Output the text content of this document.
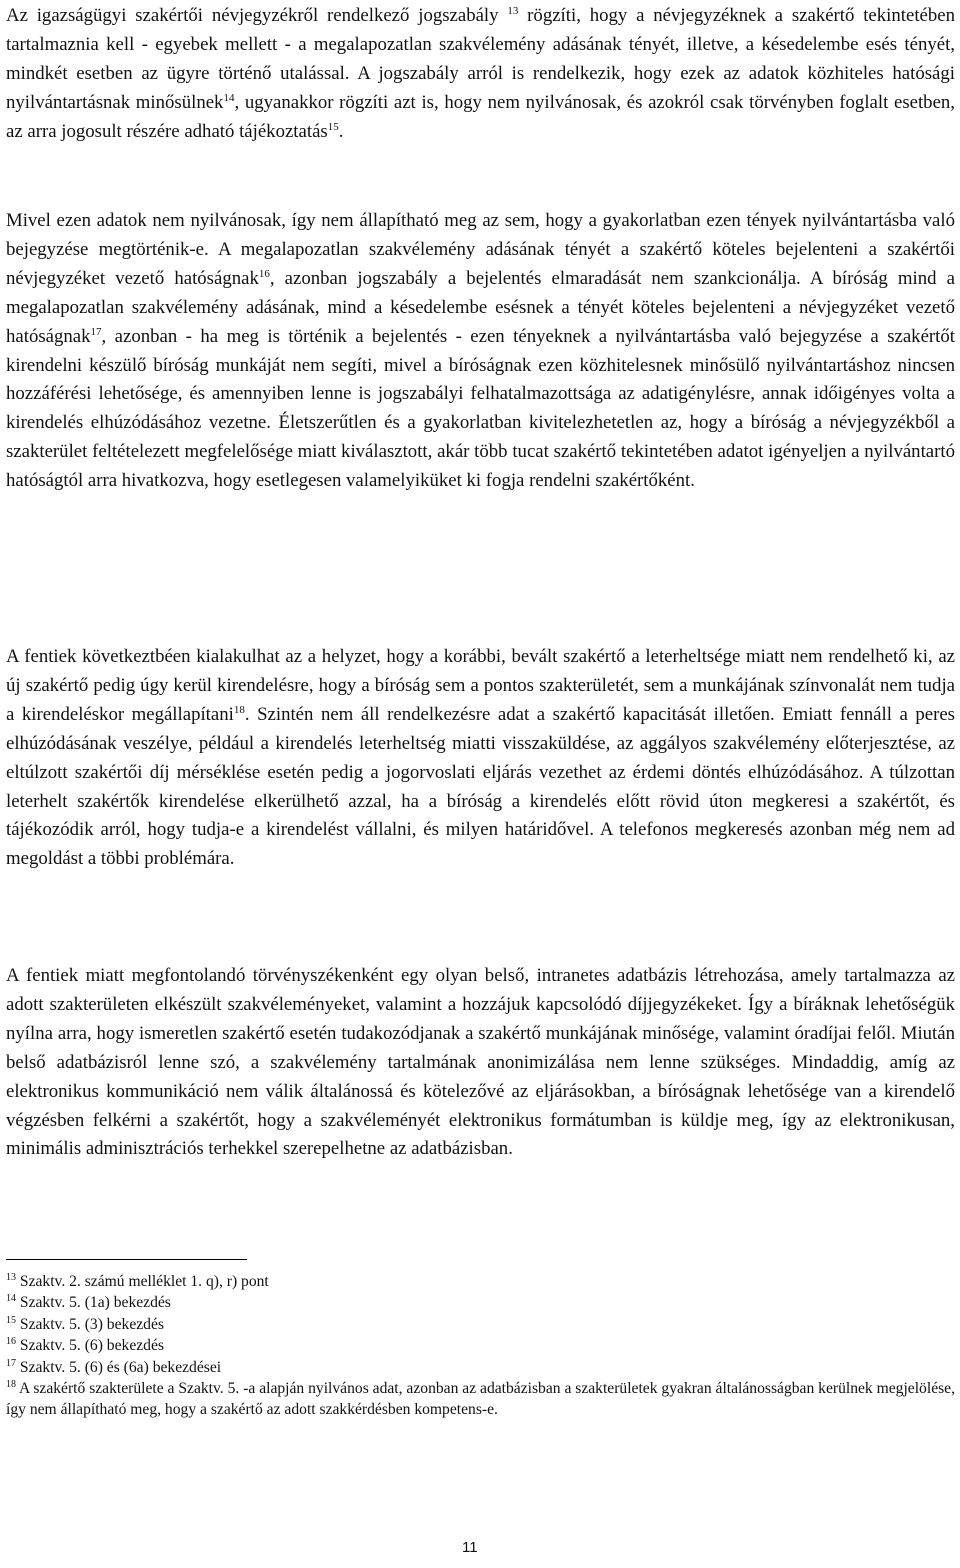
Az igazságügyi szakértői névjegyzékről rendelkező jogszabály $^{13}$ rögzíti, hogy a névjegyzéknek a szakértő tekintetében tartalmaznia kell - egyebek mellett - a megalapozatlan szakvélemény adásának tényét, illetve, a késedelembe esés tényét, mindkét esetben az ügyre történő utalással. A jogszabály arról is rendelkezik, hogy ezek az adatok közhiteles hatósági nyilvántartásnak minősülnek$^{14}$, ugyanakkor rögzíti azt is, hogy nem nyilvánosak, és azokról csak törvényben foglalt esetben, az arra jogosult részére adható tájékoztatás$^{15}$.

Mivel ezen adatok nem nyilvánosak, így nem állapítható meg az sem, hogy a gyakorlatban ezen tények nyilvántartásba való bejegyzése megtörténik-e. A megalapozatlan szakvélemény adásának tényét a szakértő köteles bejelenteni a szakértői névjegyzéket vezető hatóságnak$^{16}$, azonban jogszabály a bejelentés elmaradását nem szankcionálja. A bíróság mind a megalapozatlan szakvélemény adásának, mind a késedelembe esésnek a tényét köteles bejelenteni a névjegyzéket vezető hatóságnak$^{17}$, azonban - ha meg is történik a bejelentés - ezen tényeknek a nyilvántartásba való bejegyzése a szakértőt kirendelni készülő bíróság munkáját nem segíti, mivel a bíróságnak ezen közhitelesnek minősülő nyilvántartáshoz nincsen hozzáférési lehetősége, és amennyiben lenne is jogszabályi felhatalmazottsága az adatigénylésre, annak időigényes volta a kirendelés elhúzódásához vezetne. Életszerűtlen és a gyakorlatban kivitelezhetetlen az, hogy a bíróság a névjegyzékből a szakterület feltételezett megfelelősége miatt kiválasztott, akár több tucat szakértő tekintetében adatot igényeljen a nyilvántartó hatóságtól arra hivatkozva, hogy esetlegesen valamelyiküket ki fogja rendelni szakértőként.

A fentiek következtbéen kialakulhat az a helyzet, hogy a korábbi, bevált szakértő a leterheltsége miatt nem rendelhető ki, az új szakértő pedig úgy kerül kirendelésre, hogy a bíróság sem a pontos szakterületét, sem a munkájának színvonalát nem tudja a kirendeléskor megállapítani$^{18}$. Szintén nem áll rendelkezésre adat a szakértő kapacitását illetően. Emiatt fennáll a peres elhúzódásának veszélye, például a kirendelés leterheltség miatti visszaküldése, az aggályos szakvélemény előterjesztése, az eltúlzott szakértői díj mérséklése esetén pedig a jogorvoslati eljárás vezethet az érdemi döntés elhúzódásához. A túlzottan leterhelt szakértők kirendelése elkerülhető azzal, ha a bíróság a kirendelés előtt rövid úton megkeresi a szakértőt, és tájékozódik arról, hogy tudja-e a kirendelést vállalni, és milyen határidővel. A telefonos megkeresés azonban még nem ad megoldást a többi problémára.

A fentiek miatt megfontolandó törvényszékenként egy olyan belső, intranetes adatbázis létrehozása, amely tartalmazza az adott szakterületen elkészült szakvéleményeket, valamint a hozzájuk kapcsolódó díjjegyzékeket. Így a bíráknak lehetőségük nyílna arra, hogy ismeretlen szakértő esetén tudakozódjanak a szakértő munkájának minősége, valamint óradíjai felől. Miután belső adatbázisról lenne szó, a szakvélemény tartalmának anonimizálása nem lenne szükséges. Mindaddig, amíg az elektronikus kommunikáció nem válik általánossá és kötelezővé az eljárásokban, a bíróságnak lehetősége van a kirendelő végzésben felkérni a szakértőt, hogy a szakvéleményét elektronikus formátumban is küldje meg, így az elektronikusan, minimális adminisztrációs terhekkel szerepelhetne az adatbázisban.

$^{13}$ Szaktv. 2. számú melléklet 1. q), r) pont

$^{14}$ Szaktv. 5. (1a) bekezdés

$^{15}$ Szaktv. 5. (3) bekezdés

$^{16}$ Szaktv. 5. (6) bekezdés

$^{17}$ Szaktv. 5. (6) és (6a) bekezdései

$^{18}$ A szakértő szakterülete a Szaktv. 5. -a alapján nyilvános adat, azonban az adatbázisban a szakterületek gyakran általánosságban kerülnek megjelölése, így nem állapítható meg, hogy a szakértő az adott szakkérdésben kompetens-e.

11
